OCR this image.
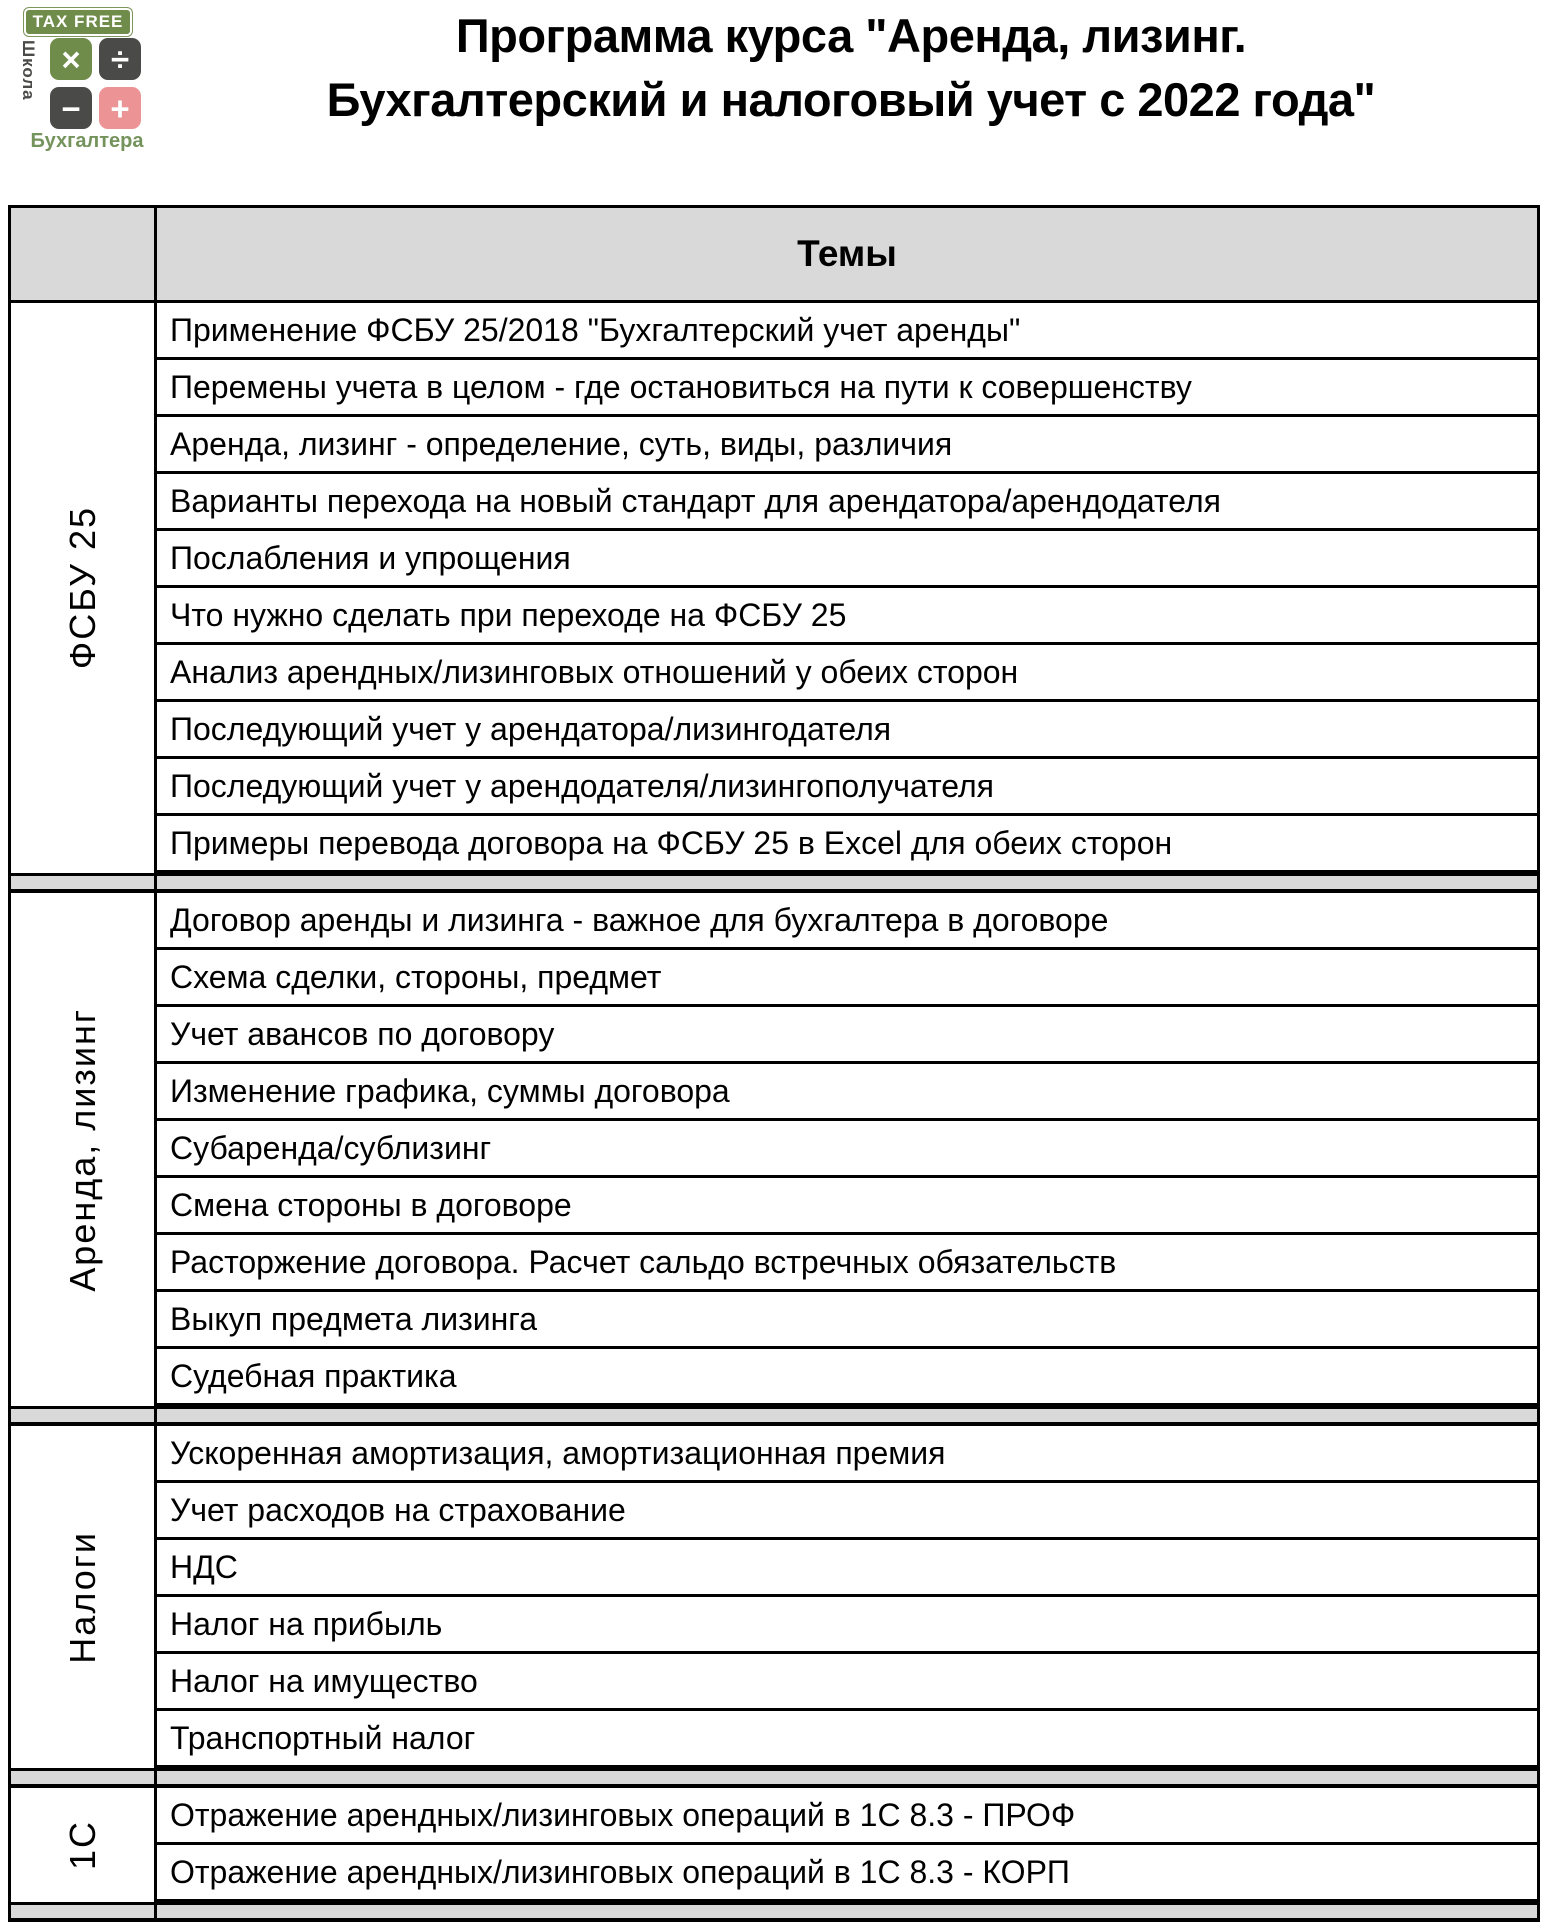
TAX FREE
Школа × ÷
− +
Бухгалтера
Программа курса "Аренда, лизинг.
Бухгалтерский и налоговый учет с 2022 года"
Темы
ФСБУ 25
Применение ФСБУ 25/2018 "Бухгалтерский учет аренды"
Перемены учета в целом - где остановиться на пути к совершенству
Аренда, лизинг - определение, суть, виды, различия
Варианты перехода на новый стандарт для арендатора/арендодателя
Послабления и упрощения
Что нужно сделать при переходе на ФСБУ 25
Анализ арендных/лизинговых отношений у обеих сторон
Последующий учет у арендатора/лизингодателя
Последующий учет у арендодателя/лизингополучателя
Примеры перевода договора на ФСБУ 25 в Excel для обеих сторон
Аренда, лизинг
Договор аренды и лизинга - важное для бухгалтера в договоре
Схема сделки, стороны, предмет
Учет авансов по договору
Изменение графика, суммы договора
Субаренда/сублизинг
Смена стороны в договоре
Расторжение договора. Расчет сальдо встречных обязательств
Выкуп предмета лизинга
Судебная практика
Налоги
Ускоренная амортизация, амортизационная премия
Учет расходов на страхование
НДС
Налог на прибыль
Налог на имущество
Транспортный налог
1С
Отражение арендных/лизинговых операций в 1С 8.3 - ПРОФ
Отражение арендных/лизинговых операций в 1С 8.3 - КОРП
